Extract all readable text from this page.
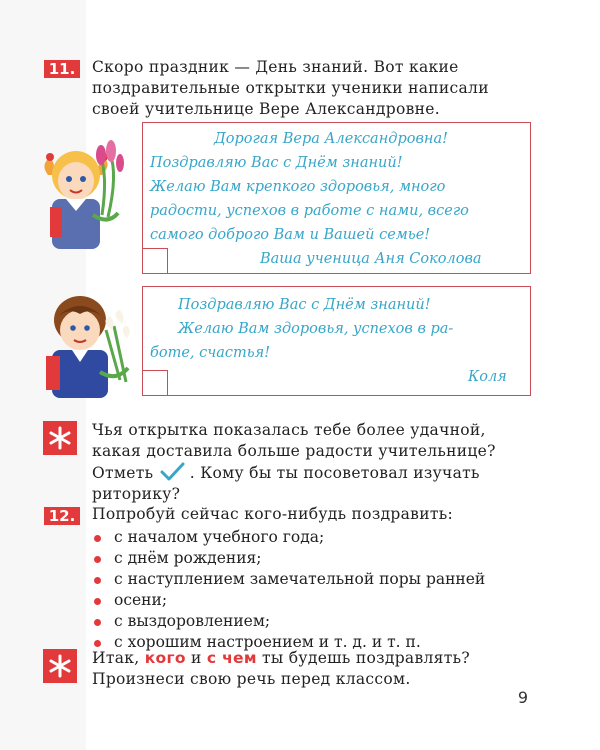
11.	Скоро праздник — День знаний. Вот какие
поздравительные открытки ученики написали
своей учительнице Вере Александровне.
Дорогая Вера Александровна!
Поздравляю Вас с Днём знаний!
Желаю Вам крепкого здоровья, много
радости, успехов в работе с нами, всего
самого доброго Вам и Вашей семье!
Ваша ученица Аня Соколова
Поздравляю Вас с Днём знаний!
Желаю Вам здоровья, успехов в ра-
боте, счастья!
Коля
Чья открытка показалась тебе более удачной,
какая доставила больше радости учительнице?
Отметь . Кому бы ты посоветовал изучать
риторику?
12.	Попробуй сейчас кого-нибудь поздравить:
с началом учебного года;
с днём рождения;
с наступлением замечательной поры ранней
осени;
с выздоровлением;
с хорошим настроением и т. д. и т. п.
Итак, кого и с чем ты будешь поздравлять?
Произнеси свою речь перед классом.
9
